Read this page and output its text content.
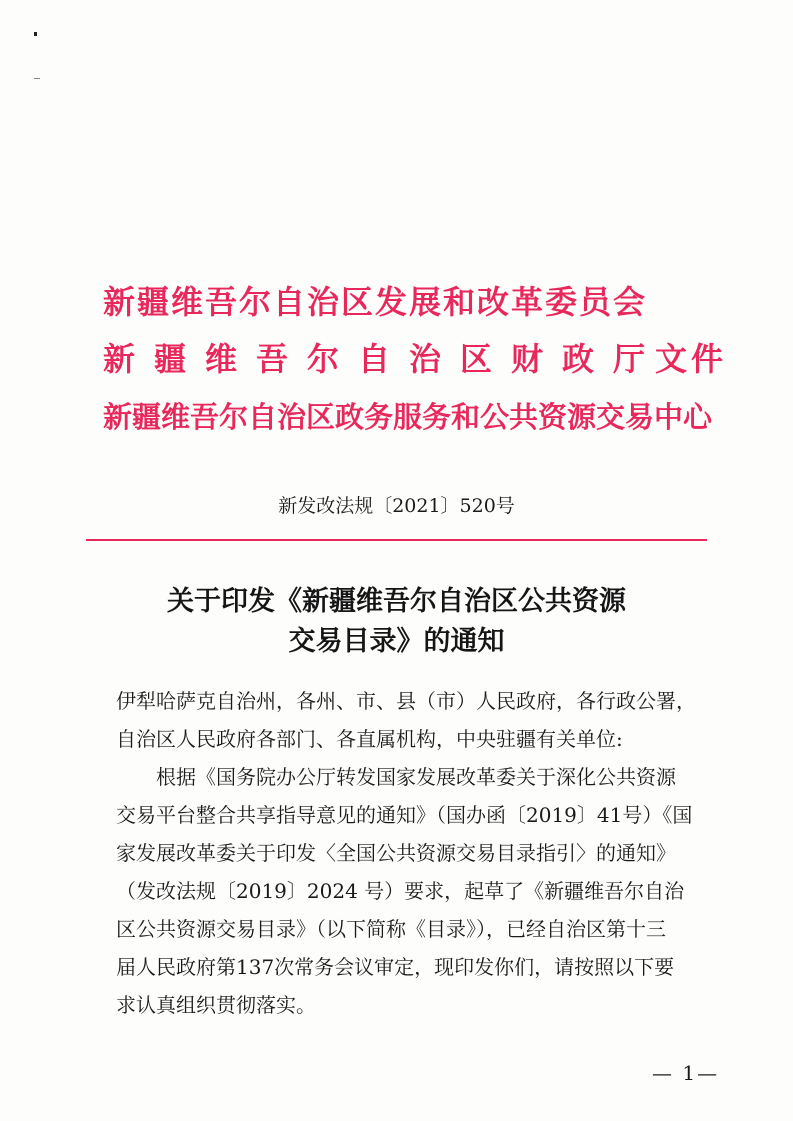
新疆维吾尔自治区发展和改革委员会
新疆维吾尔自治区财政厅
文件
新疆维吾尔自治区政务服务和公共资源交易中心
新发改法规〔2021〕520号
关于印发《新疆维吾尔自治区公共资源
交易目录》的通知
伊犁哈萨克自治州，各州、市、县（市）人民政府，各行政公署，
自治区人民政府各部门、各直属机构，中央驻疆有关单位:
根据《国务院办公厅转发国家发展改革委关于深化公共资源
交易平台整合共享指导意见的通知》（国办函〔2019〕41号）《国
家发展改革委关于印发〈全国公共资源交易目录指引〉的通知》
（发改法规〔2019〕2024 号）要求，起草了《新疆维吾尔自治
区公共资源交易目录》（以下简称《目录》），已经自治区第十三
届人民政府第137次常务会议审定，现印发你们，请按照以下要
求认真组织贯彻落实。
— 1—
